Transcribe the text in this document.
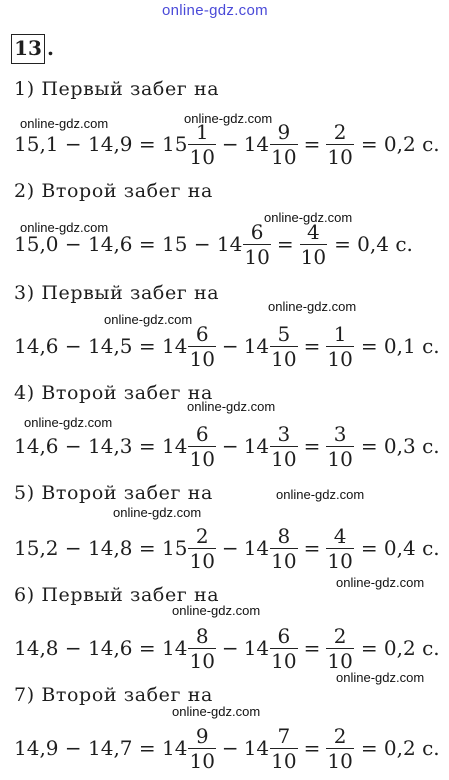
online-gdz.com
online-gdz.com	online-gdz.com
online-gdz.com
online-gdz.com
online-gdz.com
online-gdz.com
online-gdz.com
online-gdz.com
online-gdz.com
online-gdz.com
online-gdz.com
online-gdz.com
online-gdz.com
online-gdz.com
13 .
1) Первый забег на
$15,1 - 14,9 = 15 \frac{1}{10} - 14 \frac{9}{10} = \frac{2}{10} = 0,2$ с.
2) Второй забег на
$15,0 - 14,6 = 15 - 14 \frac{6}{10} = \frac{4}{10} = 0,4$ с.
3) Первый забег на
$14,6 - 14,5 = 14 \frac{6}{10} - 14 \frac{5}{10} = \frac{1}{10} = 0,1$ с.
4) Второй забег на
$14,6 - 14,3 = 14 \frac{6}{10} - 14 \frac{3}{10} = \frac{3}{10} = 0,3$ с.
5) Второй забег на
$15,2 - 14,8 = 15 \frac{2}{10} - 14 \frac{8}{10} = \frac{4}{10} = 0,4$ с.
6) Первый забег на
$14,8 - 14,6 = 14 \frac{8}{10} - 14 \frac{6}{10} = \frac{2}{10} = 0,2$ с.
7) Второй забег на
$14,9 - 14,7 = 14 \frac{9}{10} - 14 \frac{7}{10} = \frac{2}{10} = 0,2$ с.
